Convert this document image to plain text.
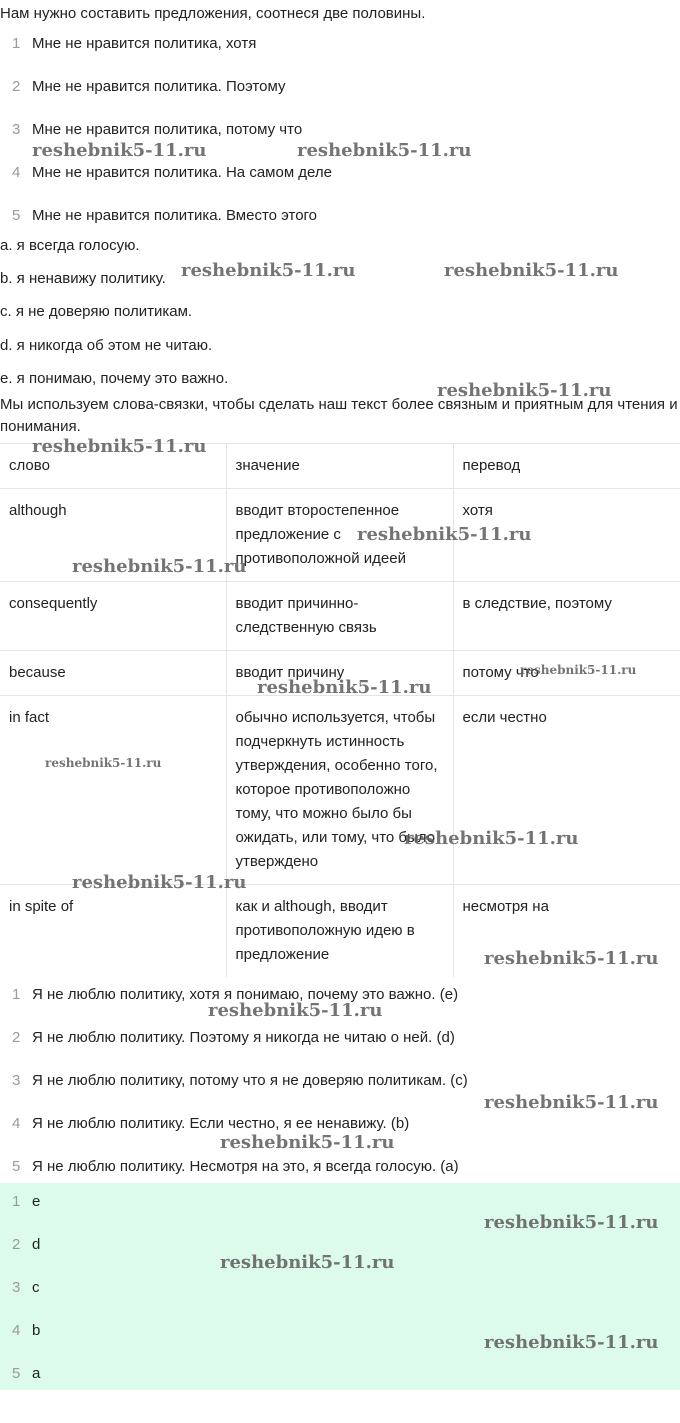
Нам нужно составить предложения, соотнеся две половины.
1 Мне не нравится политика, хотя
2 Мне не нравится политика. Поэтому
3 Мне не нравится политика, потому что
4 Мне не нравится политика. На самом деле
5 Мне не нравится политика. Вместо этого
a. я всегда голосую.
b. я ненавижу политику.
c. я не доверяю политикам.
d. я никогда об этом не читаю.
e. я понимаю, почему это важно.
Мы используем слова-связки, чтобы сделать наш текст более связным и приятным для чтения и понимания.
слово	значение	перевод
although	вводит второстепенное предложение с противоположной идеей	хотя
consequently	вводит причинно-следственную связь	в следствие, поэтому
because	вводит причину	потому что
in fact	обычно используется, чтобы подчеркнуть истинность утверждения, особенно того, которое противоположно тому, что можно было бы ожидать, или тому, что было утверждено	если честно
in spite of	как и although, вводит противоположную идею в предложение	несмотря на
1 Я не люблю политику, хотя я понимаю, почему это важно. (е)
2 Я не люблю политику. Поэтому я никогда не читаю о ней. (d)
3 Я не люблю политику, потому что я не доверяю политикам. (c)
4 Я не люблю политику. Если честно, я ее ненавижу. (b)
5 Я не люблю политику. Несмотря на это, я всегда голосую. (a)
1 e
2 d
3 c
4 b
5 a
reshebnik5-11.ru	reshebnik5-11.ru
reshebnik5-11.ru	reshebnik5-11.ru
reshebnik5-11.ru
reshebnik5-11.ru
reshebnik5-11.ru
reshebnik5-11.ru
reshebnik5-11.ru
reshebnik5-11.ru
reshebnik5-11.ru
reshebnik5-11.ru
reshebnik5-11.ru
reshebnik5-11.ru
reshebnik5-11.ru
reshebnik5-11.ru
reshebnik5-11.ru
reshebnik5-11.ru
reshebnik5-11.ru
reshebnik5-11.ru
